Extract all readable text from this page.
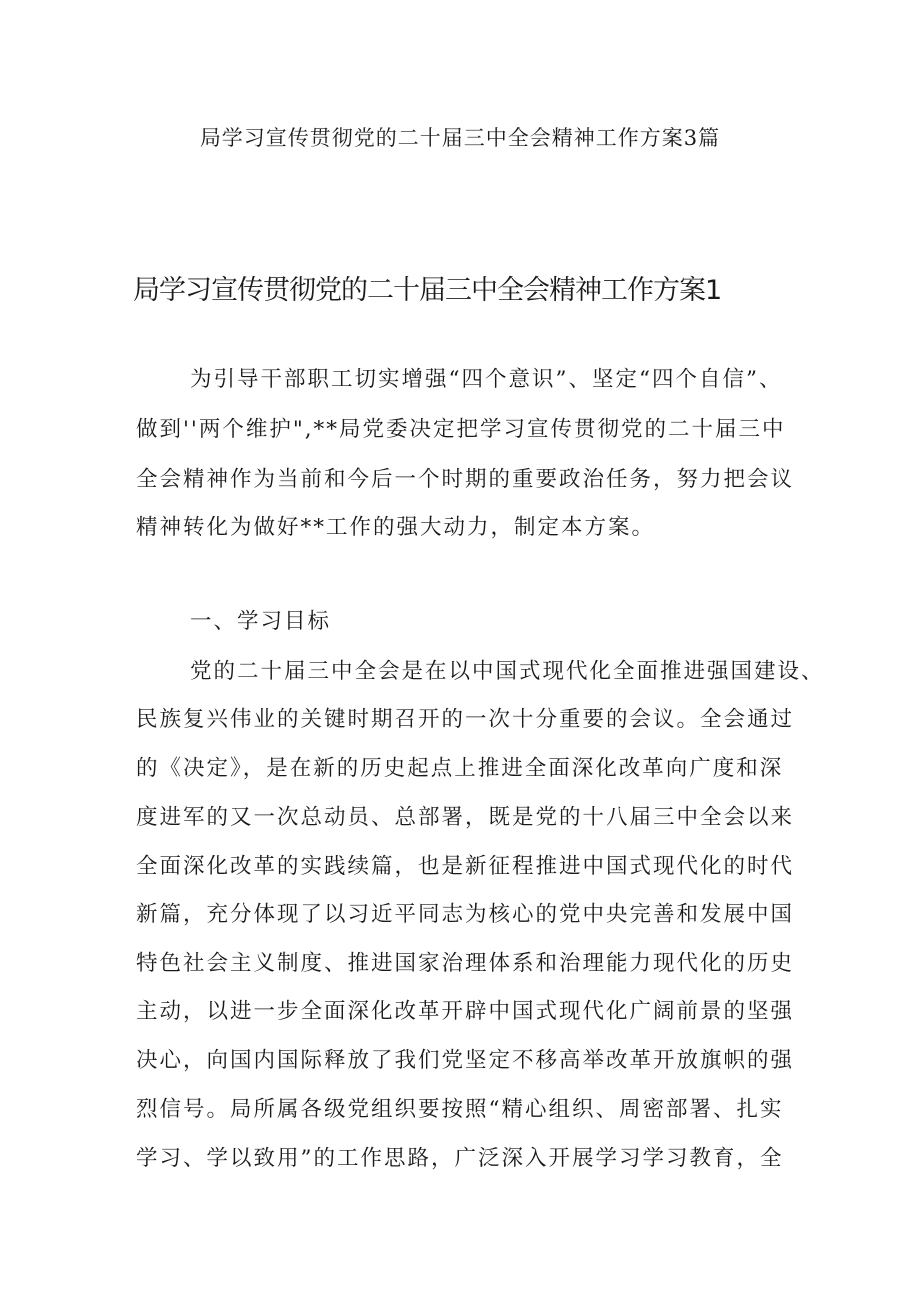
局学习宣传贯彻党的二十届三中全会精神工作方案3篇
局学习宣传贯彻党的二十届三中全会精神工作方案1
为引导干部职工切实增强“四个意识”、坚定“四个自信”、
做到''两个维护",**局党委决定把学习宣传贯彻党的二十届三中
全会精神作为当前和今后一个时期的重要政治任务，努力把会议
精神转化为做好**工作的强大动力，制定本方案。
一、学习目标
党的二十届三中全会是在以中国式现代化全面推进强国建设、
民族复兴伟业的关键时期召开的一次十分重要的会议。全会通过
的《决定》，是在新的历史起点上推进全面深化改革向广度和深
度进军的又一次总动员、总部署，既是党的十八届三中全会以来
全面深化改革的实践续篇，也是新征程推进中国式现代化的时代
新篇，充分体现了以习近平同志为核心的党中央完善和发展中国
特色社会主义制度、推进国家治理体系和治理能力现代化的历史
主动，以进一步全面深化改革开辟中国式现代化广阔前景的坚强
决心，向国内国际释放了我们党坚定不移高举改革开放旗帜的强
烈信号。局所属各级党组织要按照“精心组织、周密部署、扎实
学习、学以致用”的工作思路，广泛深入开展学习学习教育，全
